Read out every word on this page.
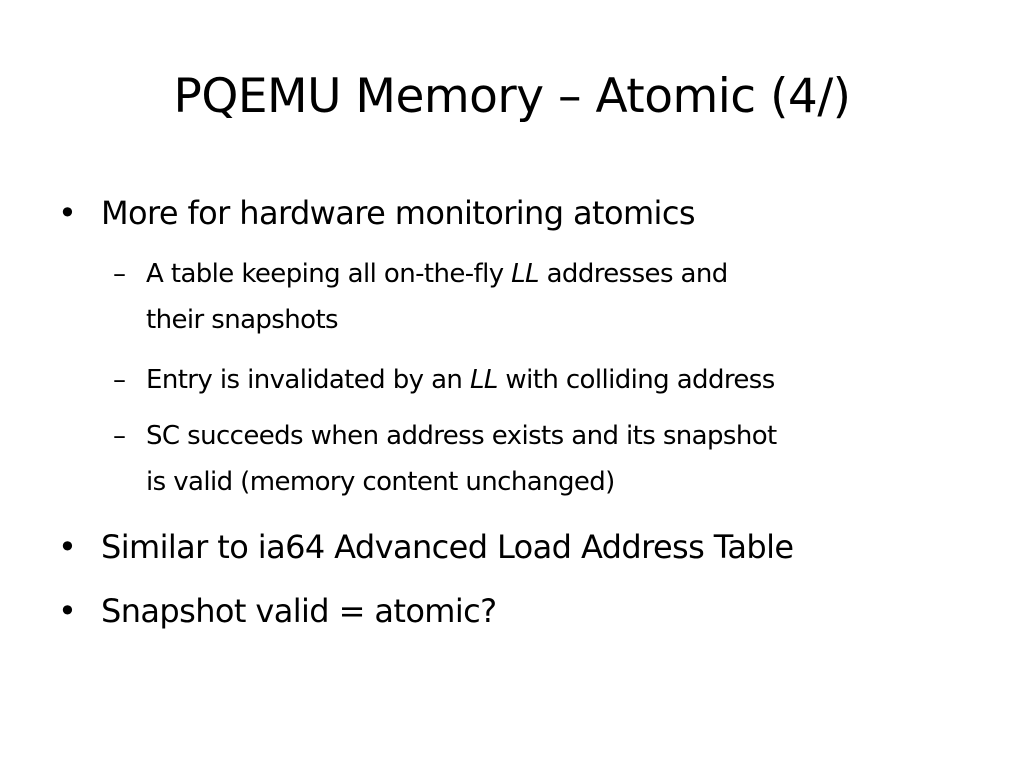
PQEMU Memory – Atomic (4/)
• More for hardware monitoring atomics
– A table keeping all on-the-fly LL addresses and
their snapshots
– Entry is invalidated by an LL with colliding address
– SC succeeds when address exists and its snapshot
is valid (memory content unchanged)
• Similar to ia64 Advanced Load Address Table
• Snapshot valid = atomic?
